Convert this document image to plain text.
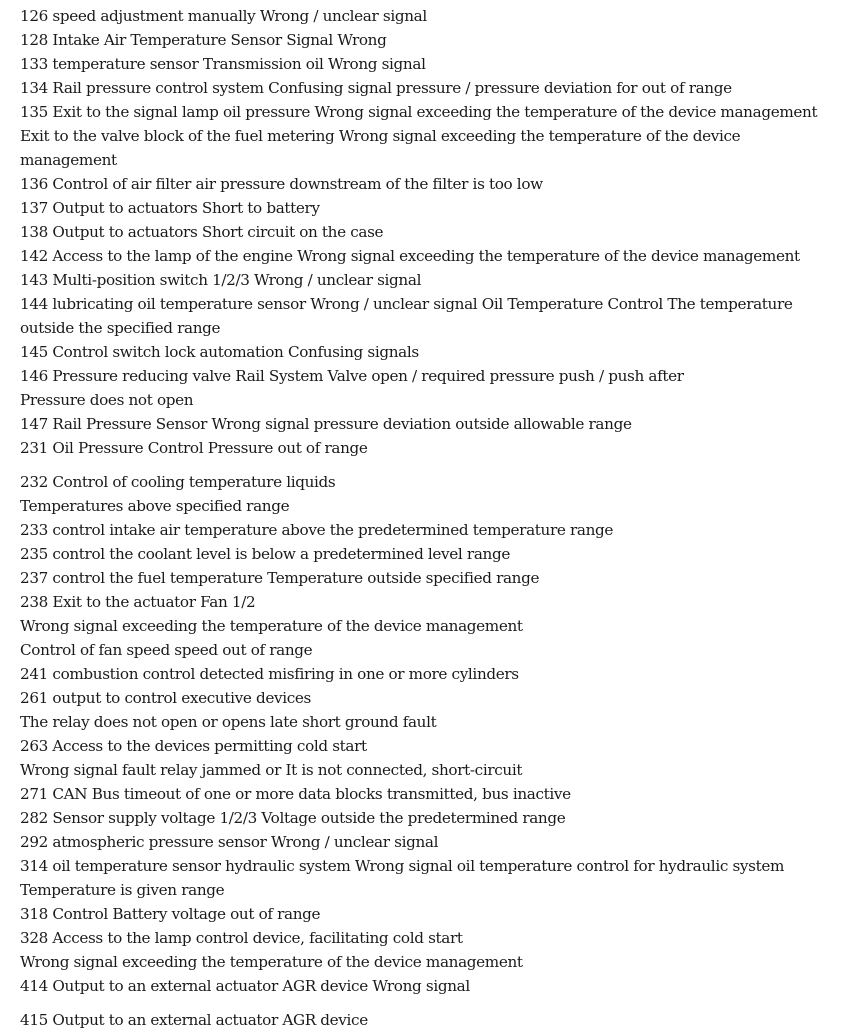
126 speed adjustment manually Wrong / unclear signal
128 Intake Air Temperature Sensor Signal Wrong
133 temperature sensor Transmission oil Wrong signal
134 Rail pressure control system Confusing signal pressure / pressure deviation for out of range
135 Exit to the signal lamp oil pressure Wrong signal exceeding the temperature of the device management
Exit to the valve block of the fuel metering Wrong signal exceeding the temperature of the device
management
136 Control of air filter air pressure downstream of the filter is too low
137 Output to actuators Short to battery
138 Output to actuators Short circuit on the case
142 Access to the lamp of the engine Wrong signal exceeding the temperature of the device management
143 Multi-position switch 1/2/3 Wrong / unclear signal
144 lubricating oil temperature sensor Wrong / unclear signal Oil Temperature Control The temperature
outside the specified range
145 Control switch lock automation Confusing signals
146 Pressure reducing valve Rail System Valve open / required pressure push / push after
Pressure does not open
147 Rail Pressure Sensor Wrong signal pressure deviation outside allowable range
231 Oil Pressure Control Pressure out of range
232 Control of cooling temperature liquids
Temperatures above specified range
233 control intake air temperature above the predetermined temperature range
235 control the coolant level is below a predetermined level range
237 control the fuel temperature Temperature outside specified range
238 Exit to the actuator Fan 1/2
Wrong signal exceeding the temperature of the device management
Control of fan speed speed out of range
241 combustion control detected misfiring in one or more cylinders
261 output to control executive devices
The relay does not open or opens late short ground fault
263 Access to the devices permitting cold start
Wrong signal fault relay jammed or It is not connected, short-circuit
271 CAN Bus timeout of one or more data blocks transmitted, bus inactive
282 Sensor supply voltage 1/2/3 Voltage outside the predetermined range
292 atmospheric pressure sensor Wrong / unclear signal
314 oil temperature sensor hydraulic system Wrong signal oil temperature control for hydraulic system
Temperature is given range
318 Control Battery voltage out of range
328 Access to the lamp control device, facilitating cold start
Wrong signal exceeding the temperature of the device management
414 Output to an external actuator AGR device Wrong signal
415 Output to an external actuator AGR device
